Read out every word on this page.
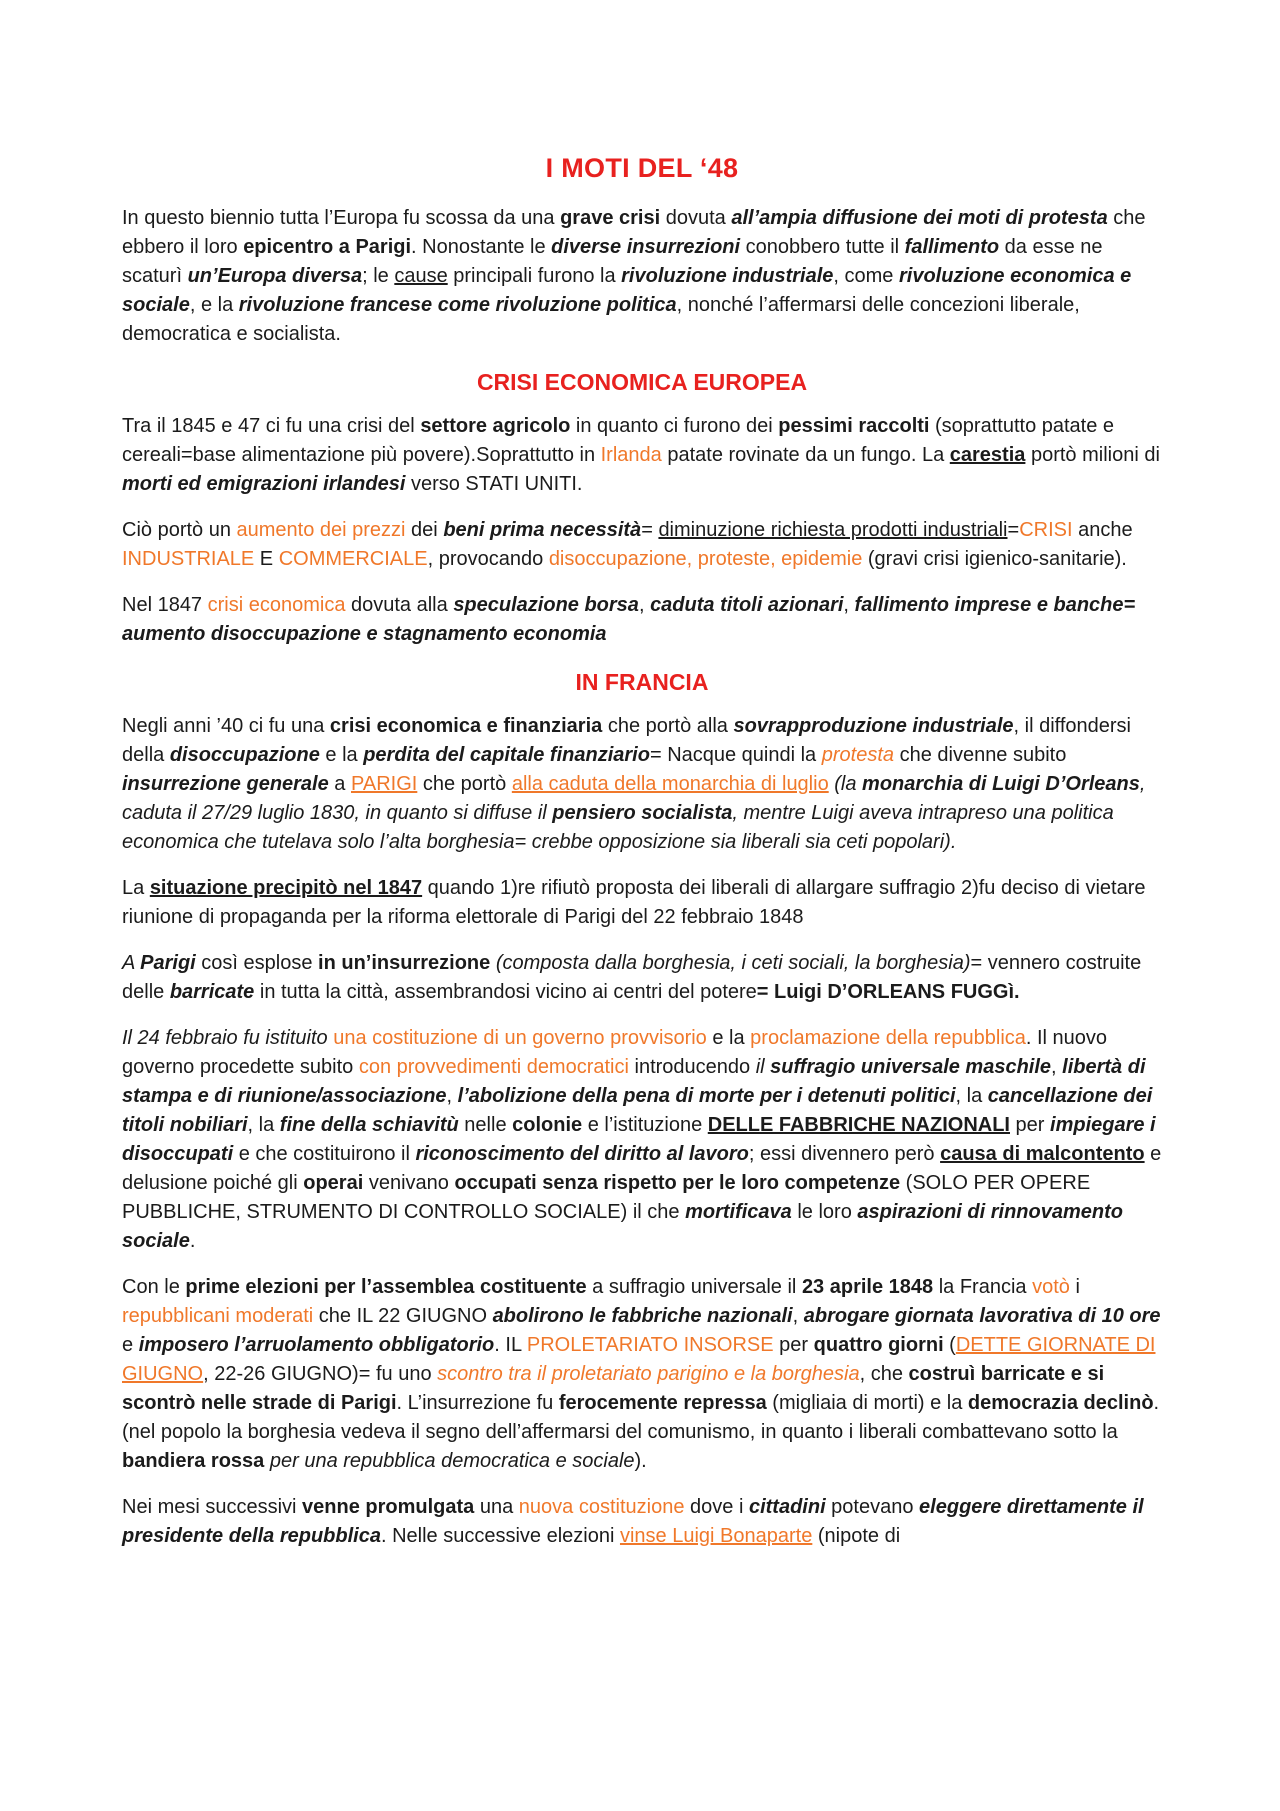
I MOTI DEL ‘48

In questo biennio tutta l’Europa fu scossa da una grave crisi dovuta all’ampia diffusione dei moti di protesta che ebbero il loro epicentro a Parigi. Nonostante le diverse insurrezioni conobbero tutte il fallimento da esse ne scaturì un’Europa diversa; le cause principali furono la rivoluzione industriale, come rivoluzione economica e sociale, e la rivoluzione francese come rivoluzione politica, nonché l’affermarsi delle concezioni liberale, democratica e socialista.

CRISI ECONOMICA EUROPEA

Tra il 1845 e 47 ci fu una crisi del settore agricolo in quanto ci furono dei pessimi raccolti (soprattutto patate e cereali=base alimentazione più povere).Soprattutto in Irlanda patate rovinate da un fungo. La carestia portò milioni di morti ed emigrazioni irlandesi verso STATI UNITI.

Ciò portò un aumento dei prezzi dei beni prima necessità= diminuzione richiesta prodotti industriali=CRISI anche INDUSTRIALE E COMMERCIALE, provocando disoccupazione, proteste, epidemie (gravi crisi igienico-sanitarie).

Nel 1847 crisi economica dovuta alla speculazione borsa, caduta titoli azionari, fallimento imprese e banche= aumento disoccupazione e stagnamento economia

IN FRANCIA

Negli anni ’40 ci fu una crisi economica e finanziaria che portò alla sovrapproduzione industriale, il diffondersi della disoccupazione e la perdita del capitale finanziario= Nacque quindi la protesta che divenne subito insurrezione generale a PARIGI che portò alla caduta della monarchia di luglio (la monarchia di Luigi D’Orleans, caduta il 27/29 luglio 1830, in quanto si diffuse il pensiero socialista, mentre Luigi aveva intrapreso una politica economica che tutelava solo l’alta borghesia= crebbe opposizione sia liberali sia ceti popolari).

La situazione precipitò nel 1847 quando 1)re rifiutò proposta dei liberali di allargare suffragio 2)fu deciso di vietare riunione di propaganda per la riforma elettorale di Parigi del 22 febbraio 1848

A Parigi così esplose in un’insurrezione (composta dalla borghesia, i ceti sociali, la borghesia)= vennero costruite delle barricate in tutta la città, assembrandosi vicino ai centri del potere= Luigi D’ORLEANS FUGGì.

Il 24 febbraio fu istituito una costituzione di un governo provvisorio e la proclamazione della repubblica. Il nuovo governo procedette subito con provvedimenti democratici introducendo il suffragio universale maschile, libertà di stampa e di riunione/associazione, l’abolizione della pena di morte per i detenuti politici, la cancellazione dei titoli nobiliari, la fine della schiavitù nelle colonie e l’istituzione DELLE FABBRICHE NAZIONALI per impiegare i disoccupati e che costituirono il riconoscimento del diritto al lavoro; essi divennero però causa di malcontento e delusione poiché gli operai venivano occupati senza rispetto per le loro competenze (SOLO PER OPERE PUBBLICHE, STRUMENTO DI CONTROLLO SOCIALE) il che mortificava le loro aspirazioni di rinnovamento sociale.

Con le prime elezioni per l’assemblea costituente a suffragio universale il 23 aprile 1848 la Francia votò i repubblicani moderati che IL 22 GIUGNO abolirono le fabbriche nazionali, abrogare giornata lavorativa di 10 ore e imposero l’arruolamento obbligatorio. IL PROLETARIATO INSORSE per quattro giorni (DETTE GIORNATE DI GIUGNO, 22-26 GIUGNO)= fu uno scontro tra il proletariato parigino e la borghesia, che costruì barricate e si scontrò nelle strade di Parigi. L’insurrezione fu ferocemente repressa (migliaia di morti) e la democrazia declinò. (nel popolo la borghesia vedeva il segno dell’affermarsi del comunismo, in quanto i liberali combattevano sotto la bandiera rossa per una repubblica democratica e sociale).

Nei mesi successivi venne promulgata una nuova costituzione dove i cittadini potevano eleggere direttamente il presidente della repubblica. Nelle successive elezioni vinse Luigi Bonaparte (nipote di
